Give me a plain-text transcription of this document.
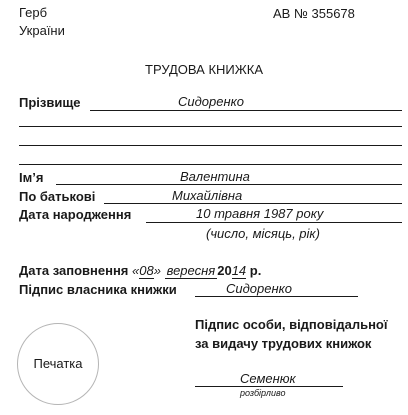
Герб
України
АВ № 355678
ТРУДОВА КНИЖКА
Прізвище	Сидоренко
Ім’я	Валентина
По батькові	Михайлівна
Дата народження	10 травня 1987 року
(число, місяць, рік)
Дата заповнення «08» вересня 2014 р.
Підпис власника книжки	Сидоренко
Печатка
Підпис особи, відповідальної
за видачу трудових книжок
Семенюк
розбірливо
